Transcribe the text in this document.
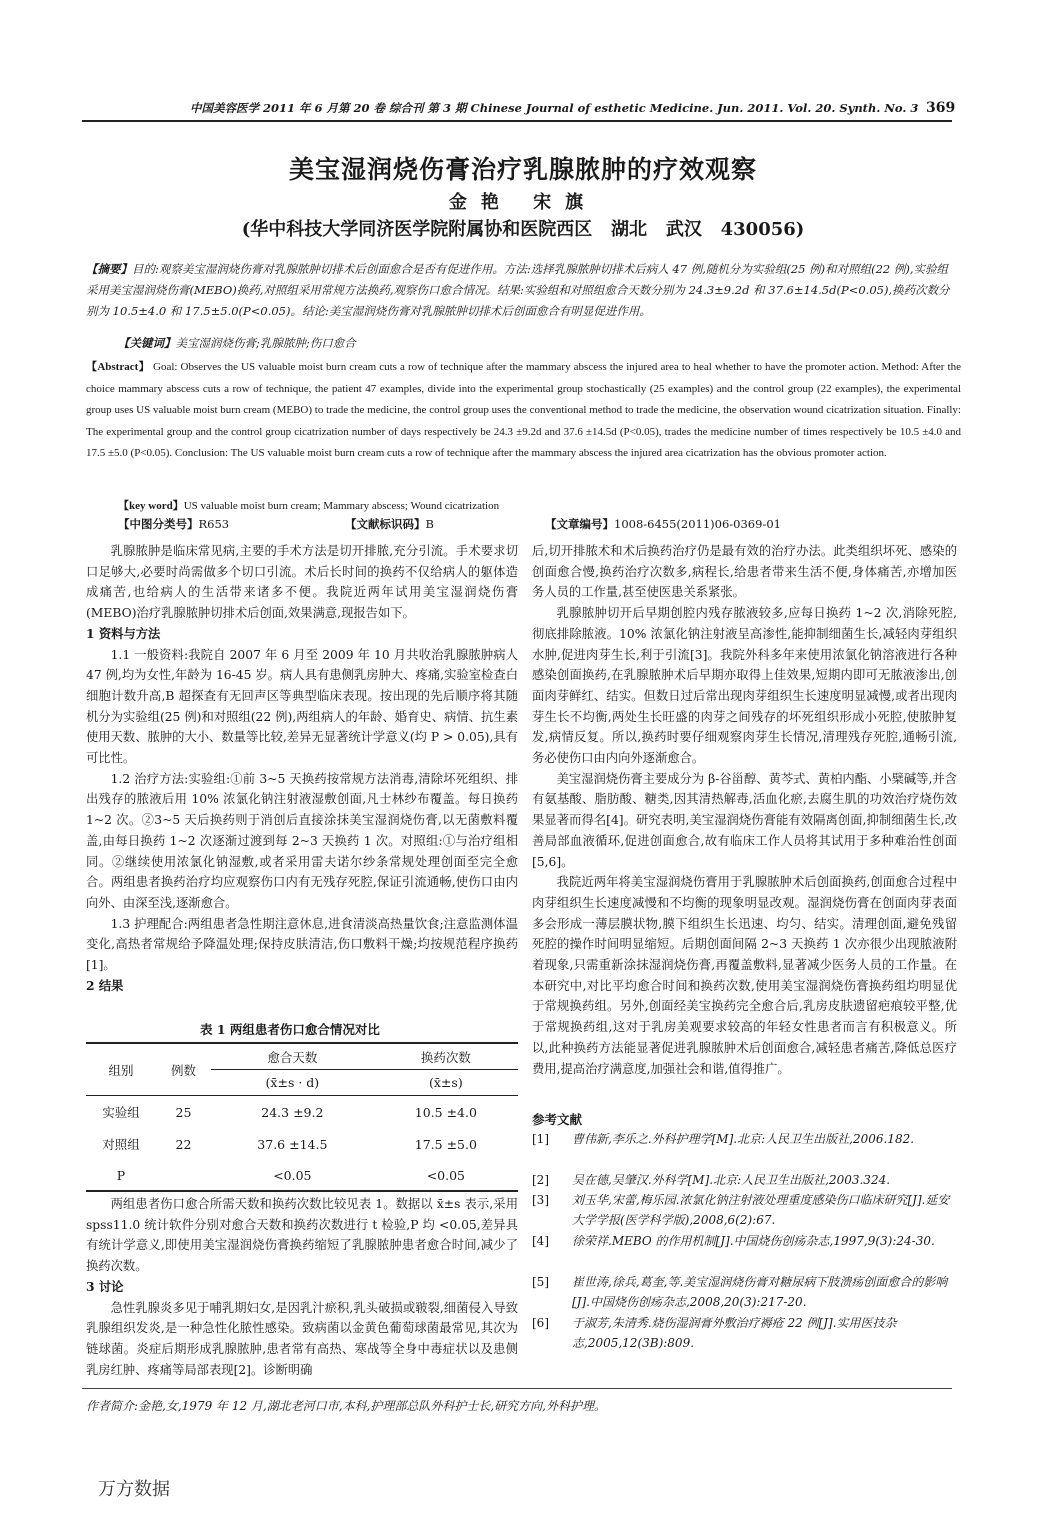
中国美容医学 2011 年 6 月第 20 卷 综合刊 第 3 期 Chinese Journal of esthetic Medicine. Jun. 2011. Vol. 20. Synth. No. 3 369
美宝湿润烧伤膏治疗乳腺脓肿的疗效观察
金艳 宋旗
(华中科技大学同济医学院附属协和医院西区   湖北   武汉   430056)
【摘要】目的:观察美宝湿润烧伤膏对乳腺脓肿切排术后创面愈合是否有促进作用。方法:选择乳腺脓肿切排术后病人 47 例,随机分为实验组(25 例)和对照组(22 例),实验组采用美宝湿润烧伤膏(MEBO)换药,对照组采用常规方法换药,观察伤口愈合情况。结果:实验组和对照组愈合天数分别为 24.3±9.2d 和 37.6±14.5d(P<0.05),换药次数分别为 10.5±4.0 和 17.5±5.0(P<0.05)。结论:美宝湿润烧伤膏对乳腺脓肿切排术后创面愈合有明显促进作用。
【关键词】美宝湿润烧伤膏;乳腺脓肿;伤口愈合
【Abstract】 Goal: Observes the US valuable moist burn cream cuts a row of technique after the mammary abscess the injured area to heal whether to have the promoter action. Method: After the choice mammary abscess cuts a row of technique, the patient 47 examples, divide into the experimental group stochastically (25 examples) and the control group (22 examples), the experimental group uses US valuable moist burn cream (MEBO) to trade the medicine, the control group uses the conventional method to trade the medicine, the observation wound cicatrization situation. Finally: The experimental group and the control group cicatrization number of days respectively be 24.3 ±9.2d and 37.6 ±14.5d (P<0.05), trades the medicine number of times respectively be 10.5 ±4.0 and 17.5 ±5.0 (P<0.05). Conclusion: The US valuable moist burn cream cuts a row of technique after the mammary abscess the injured area cicatrization has the obvious promoter action.
【key word】US valuable moist burn cream; Mammary abscess; Wound cicatrization
【中图分类号】R653	【文献标识码】B	【文章编号】1008-6455(2011)06-0369-01

乳腺脓肿是临床常见病,主要的手术方法是切开排脓,充分引流。手术要求切口足够大,必要时尚需做多个切口引流。术后长时间的换药不仅给病人的躯体造成痛苦,也给病人的生活带来诸多不便。我院近两年试用美宝湿润烧伤膏(MEBO)治疗乳腺脓肿切排术后创面,效果满意,现报告如下。

1 资料与方法

1.1 一般资料:我院自 2007 年 6 月至 2009 年 10 月共收治乳腺脓肿病人 47 例,均为女性,年龄为 16-45 岁。病人具有患侧乳房肿大、疼痛,实验室检查白细胞计数升高,B 超探查有无回声区等典型临床表现。按出现的先后顺序将其随机分为实验组(25 例)和对照组(22 例),两组病人的年龄、婚育史、病情、抗生素使用天数、脓肿的大小、数量等比较,差异无显著统计学意义(均 P > 0.05),具有可比性。

1.2 治疗方法:实验组:①前 3~5 天换药按常规方法消毒,清除坏死组织、排出残存的脓液后用 10% 浓氯化钠注射液湿敷创面,凡士林纱布覆盖。每日换药 1~2 次。②3~5 天后换药则于消创后直接涂抹美宝湿润烧伤膏,以无菌敷料覆盖,由每日换药 1~2 次逐渐过渡到每 2~3 天换药 1 次。对照组:①与治疗组相同。②继续使用浓氯化钠湿敷,或者采用雷夫诺尔纱条常规处理创面至完全愈合。两组患者换药治疗均应观察伤口内有无残存死腔,保证引流通畅,使伤口由内向外、由深至浅,逐渐愈合。

1.3 护理配合:两组患者急性期注意休息,进食清淡高热量饮食;注意监测体温变化,高热者常规给予降温处理;保持皮肤清洁,伤口敷料干燥;均按规范程序换药[1]。

2 结果

表 1 两组患者伤口愈合情况对比
组别	例数	愈合天数	换药次数
		(x̄±s · d)	(x̄±s)
实验组	25	24.3 ±9.2	10.5 ±4.0
对照组	22	37.6 ±14.5	17.5 ±5.0
P		<0.05	<0.05

两组患者伤口愈合所需天数和换药次数比较见表 1。数据以 x̄±s 表示,采用 spss11.0 统计软件分别对愈合天数和换药次数进行 t 检验,P 均 <0.05,差异具有统计学意义,即使用美宝湿润烧伤膏换药缩短了乳腺脓肿患者愈合时间,减少了换药次数。

3 讨论

急性乳腺炎多见于哺乳期妇女,是因乳汁瘀积,乳头破损或皲裂,细菌侵入导致乳腺组织发炎,是一种急性化脓性感染。致病菌以金黄色葡萄球菌最常见,其次为链球菌。炎症后期形成乳腺脓肿,患者常有高热、寒战等全身中毒症状以及患侧乳房红肿、疼痛等局部表现[2]。诊断明确

后,切开排脓术和术后换药治疗仍是最有效的治疗办法。此类组织坏死、感染的创面愈合慢,换药治疗次数多,病程长,给患者带来生活不便,身体痛苦,亦增加医务人员的工作量,甚至使医患关系紧张。

乳腺脓肿切开后早期创腔内残存脓液较多,应每日换药 1~2 次,消除死腔,彻底排除脓液。10% 浓氯化钠注射液呈高渗性,能抑制细菌生长,减轻肉芽组织水肿,促进肉芽生长,利于引流[3]。我院外科多年来使用浓氯化钠溶液进行各种感染创面换药,在乳腺脓肿术后早期亦取得上佳效果,短期内即可无脓液渗出,创面肉芽鲜红、结实。但数日过后常出现肉芽组织生长速度明显减慢,或者出现肉芽生长不均衡,两处生长旺盛的肉芽之间残存的坏死组织形成小死腔,使脓肿复发,病情反复。所以,换药时要仔细观察肉芽生长情况,清理残存死腔,通畅引流,务必使伤口由内向外逐渐愈合。

美宝湿润烧伤膏主要成分为 β-谷甾醇、黄芩式、黄柏内酯、小檗碱等,并含有氨基酸、脂肪酸、糖类,因其清热解毒,活血化瘀,去腐生肌的功效治疗烧伤效果显著而得名[4]。研究表明,美宝湿润烧伤膏能有效隔离创面,抑制细菌生长,改善局部血液循环,促进创面愈合,故有临床工作人员将其试用于多种难治性创面[5,6]。

我院近两年将美宝湿润烧伤膏用于乳腺脓肿术后创面换药,创面愈合过程中肉芽组织生长速度减慢和不均衡的现象明显改观。湿润烧伤膏在创面肉芽表面多会形成一薄层膜状物,膜下组织生长迅速、均匀、结实。清理创面,避免残留死腔的操作时间明显缩短。后期创面间隔 2~3 天换药 1 次亦很少出现脓液附着现象,只需重新涂抹湿润烧伤膏,再覆盖敷料,显著减少医务人员的工作量。在本研究中,对比平均愈合时间和换药次数,使用美宝湿润烧伤膏换药组均明显优于常规换药组。另外,创面经美宝换药完全愈合后,乳房皮肤遗留疤痕较平整,优于常规换药组,这对于乳房美观要求较高的年轻女性患者而言有积极意义。所以,此种换药方法能显著促进乳腺脓肿术后创面愈合,减轻患者痛苦,降低总医疗费用,提高治疗满意度,加强社会和谐,值得推广。

参考文献
[1] 曹伟新,李乐之.外科护理学[M].北京:人民卫生出版社,2006.182.
[2] 吴在德,吴肇汉.外科学[M].北京:人民卫生出版社,2003.324.
[3] 刘玉华,宋蕾,梅乐园.浓氯化钠注射液处理重度感染伤口临床研究[J].延安大学学报(医学科学版),2008,6(2):67.
[4] 徐荣祥.MEBO 的作用机制[J].中国烧伤创疡杂志,1997,9(3):24-30.
[5] 崔世涛,徐兵,葛奎,等.美宝湿润烧伤膏对糖尿病下肢溃疡创面愈合的影响[J].中国烧伤创疡杂志,2008,20(3):217-20.
[6] 于淑芳,朱清秀.烧伤湿润膏外敷治疗褥疮 22 例[J].实用医技杂志,2005,12(3B):809.
作者简介:金艳,女,1979 年 12 月,湖北老河口市,本科,护理部总队外科护士长,研究方向,外科护理。
万方数据
